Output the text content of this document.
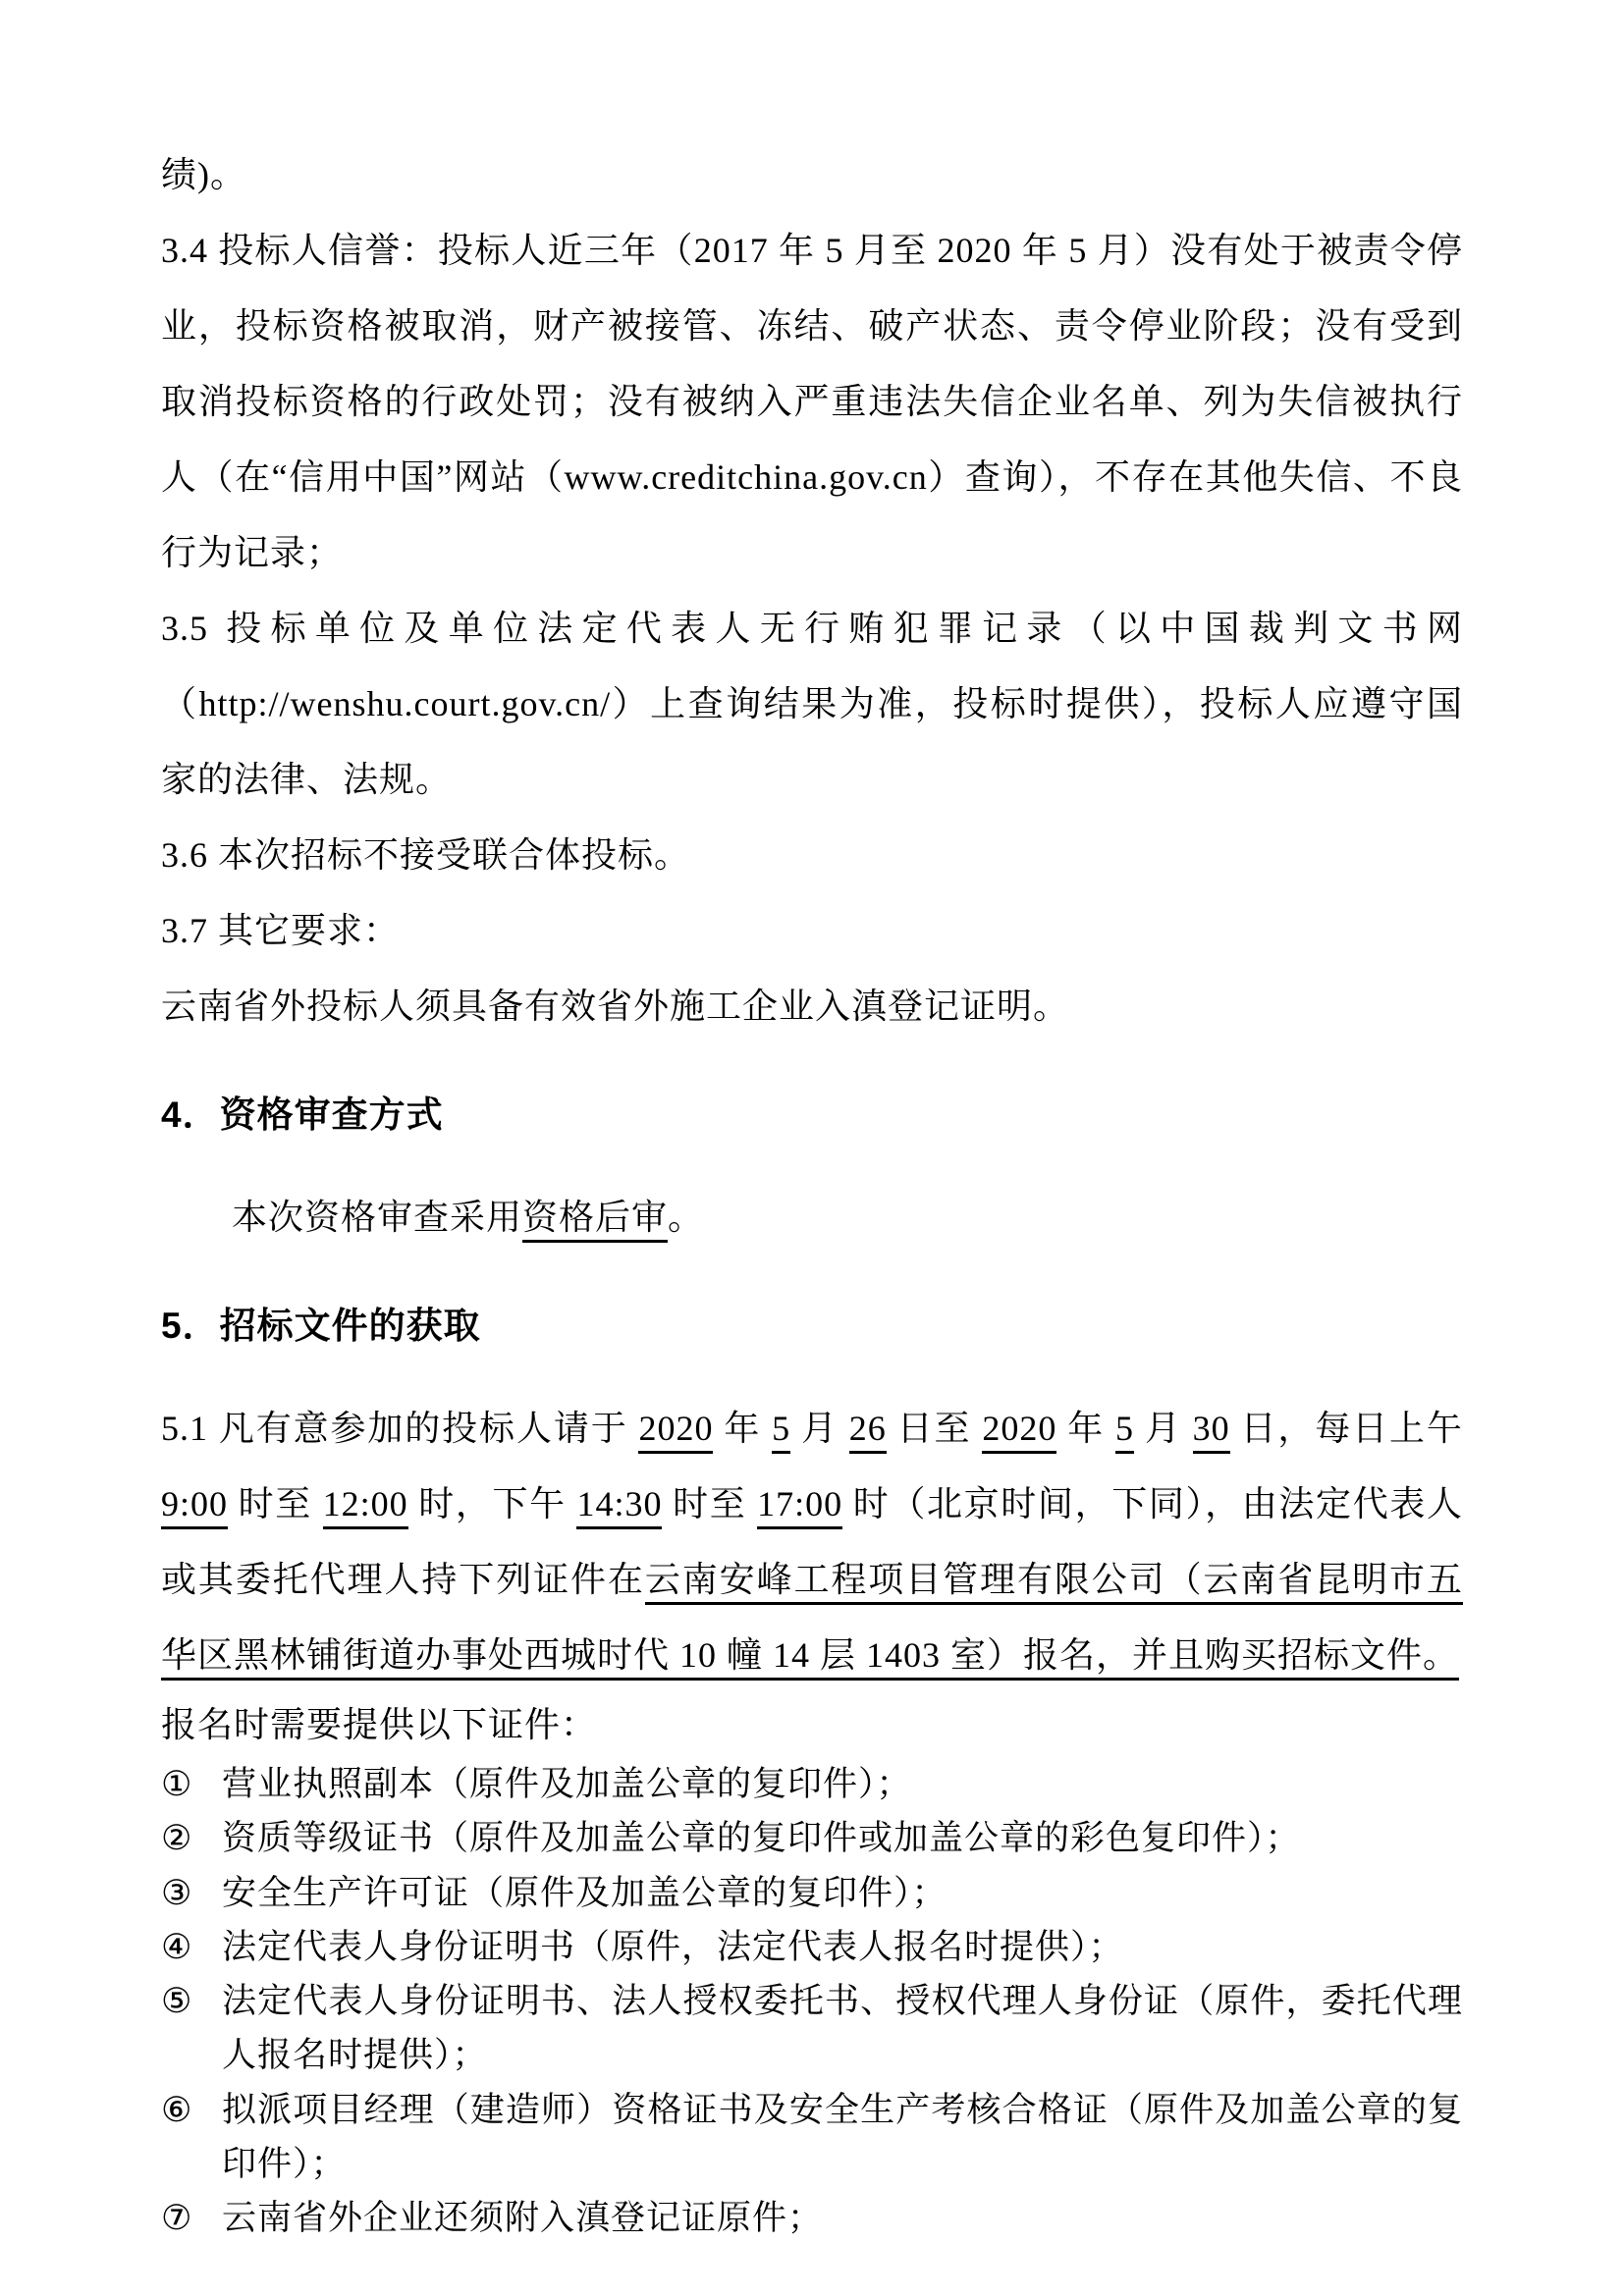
绩)。

3.4 投标人信誉：投标人近三年（2017 年 5 月至 2020 年 5 月）没有处于被责令停业，投标资格被取消，财产被接管、冻结、破产状态、责令停业阶段；没有受到取消投标资格的行政处罚；没有被纳入严重违法失信企业名单、列为失信被执行人（在“信用中国”网站（www.creditchina.gov.cn）查询），不存在其他失信、不良行为记录；

3.5 投标单位及单位法定代表人无行贿犯罪记录（以中国裁判文书网（http://wenshu.court.gov.cn/）上查询结果为准，投标时提供），投标人应遵守国家的法律、法规。

3.6 本次招标不接受联合体投标。

3.7 其它要求：

云南省外投标人须具备有效省外施工企业入滇登记证明。

4．资格审查方式

本次资格审查采用资格后审。

5．招标文件的获取

5.1 凡有意参加的投标人请于 2020 年 5 月 26 日至 2020 年 5 月 30 日，每日上午9:00 时至 12:00 时，下午 14:30 时至 17:00 时（北京时间，下同），由法定代表人或其委托代理人持下列证件在云南安峰工程项目管理有限公司（云南省昆明市五华区黑林铺街道办事处西城时代 10 幢 14 层 1403 室）报名，并且购买招标文件。

报名时需要提供以下证件：

① 营业执照副本（原件及加盖公章的复印件）；
② 资质等级证书（原件及加盖公章的复印件或加盖公章的彩色复印件）；
③ 安全生产许可证（原件及加盖公章的复印件）；
④ 法定代表人身份证明书（原件，法定代表人报名时提供）；
⑤ 法定代表人身份证明书、法人授权委托书、授权代理人身份证（原件，委托代理人报名时提供）；
⑥ 拟派项目经理（建造师）资格证书及安全生产考核合格证（原件及加盖公章的复印件）；
⑦ 云南省外企业还须附入滇登记证原件；
